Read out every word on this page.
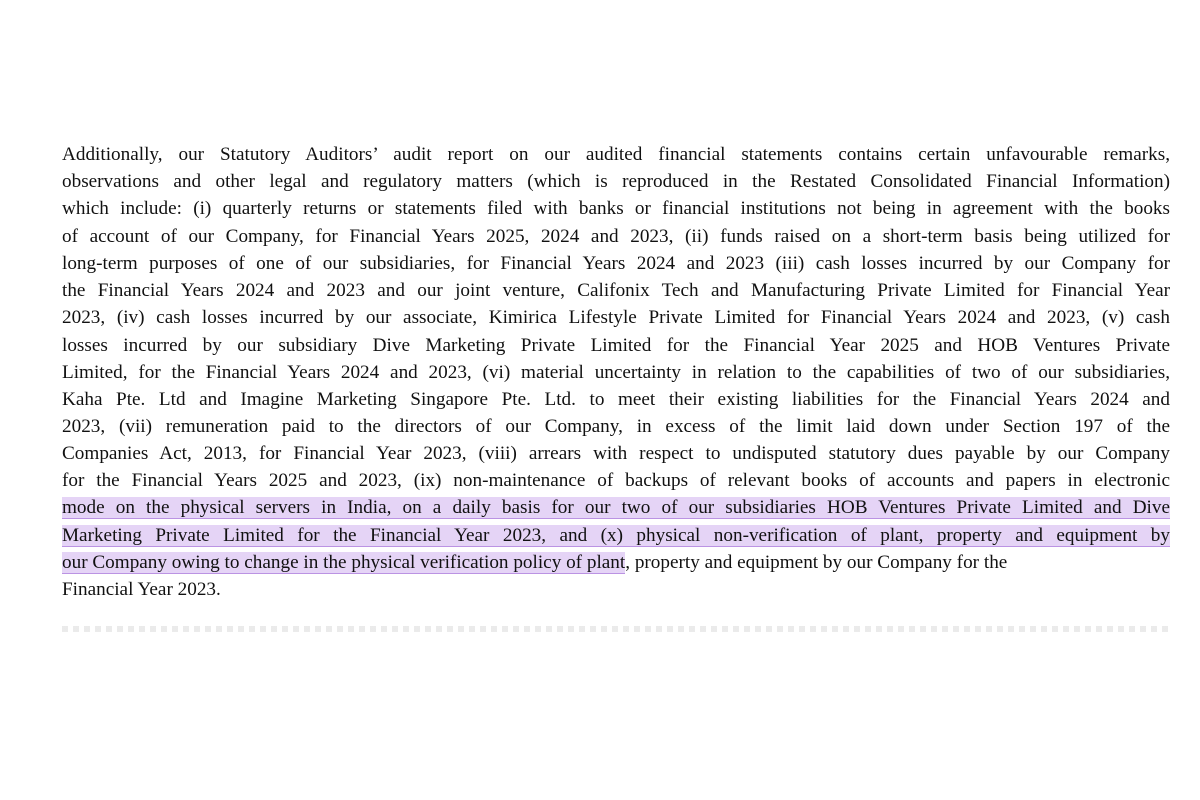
Additionally, our Statutory Auditors’ audit report on our audited financial statements contains certain unfavourable remarks,
observations and other legal and regulatory matters (which is reproduced in the Restated Consolidated Financial Information)
which include: (i) quarterly returns or statements filed with banks or financial institutions not being in agreement with the books
of account of our Company, for Financial Years 2025, 2024 and 2023, (ii) funds raised on a short-term basis being utilized for
long-term purposes of one of our subsidiaries, for Financial Years 2024 and 2023 (iii) cash losses incurred by our Company for
the Financial Years 2024 and 2023 and our joint venture, Califonix Tech and Manufacturing Private Limited for Financial Year
2023, (iv) cash losses incurred by our associate, Kimirica Lifestyle Private Limited for Financial Years 2024 and 2023, (v) cash
losses incurred by our subsidiary Dive Marketing Private Limited for the Financial Year 2025 and HOB Ventures Private
Limited, for the Financial Years 2024 and 2023, (vi) material uncertainty in relation to the capabilities of two of our subsidiaries,
Kaha Pte. Ltd and Imagine Marketing Singapore Pte. Ltd. to meet their existing liabilities for the Financial Years 2024 and
2023, (vii) remuneration paid to the directors of our Company, in excess of the limit laid down under Section 197 of the
Companies Act, 2013, for Financial Year 2023, (viii) arrears with respect to undisputed statutory dues payable by our Company
for the Financial Years 2025 and 2023, (ix) non-maintenance of backups of relevant books of accounts and papers in electronic
mode on the physical servers in India, on a daily basis for our two of our subsidiaries HOB Ventures Private Limited and Dive
Marketing Private Limited for the Financial Year 2023, and (x) physical non-verification of plant, property and equipment by
our Company owing to change in the physical verification policy of plant, property and equipment by our Company for the
Financial Year 2023.
